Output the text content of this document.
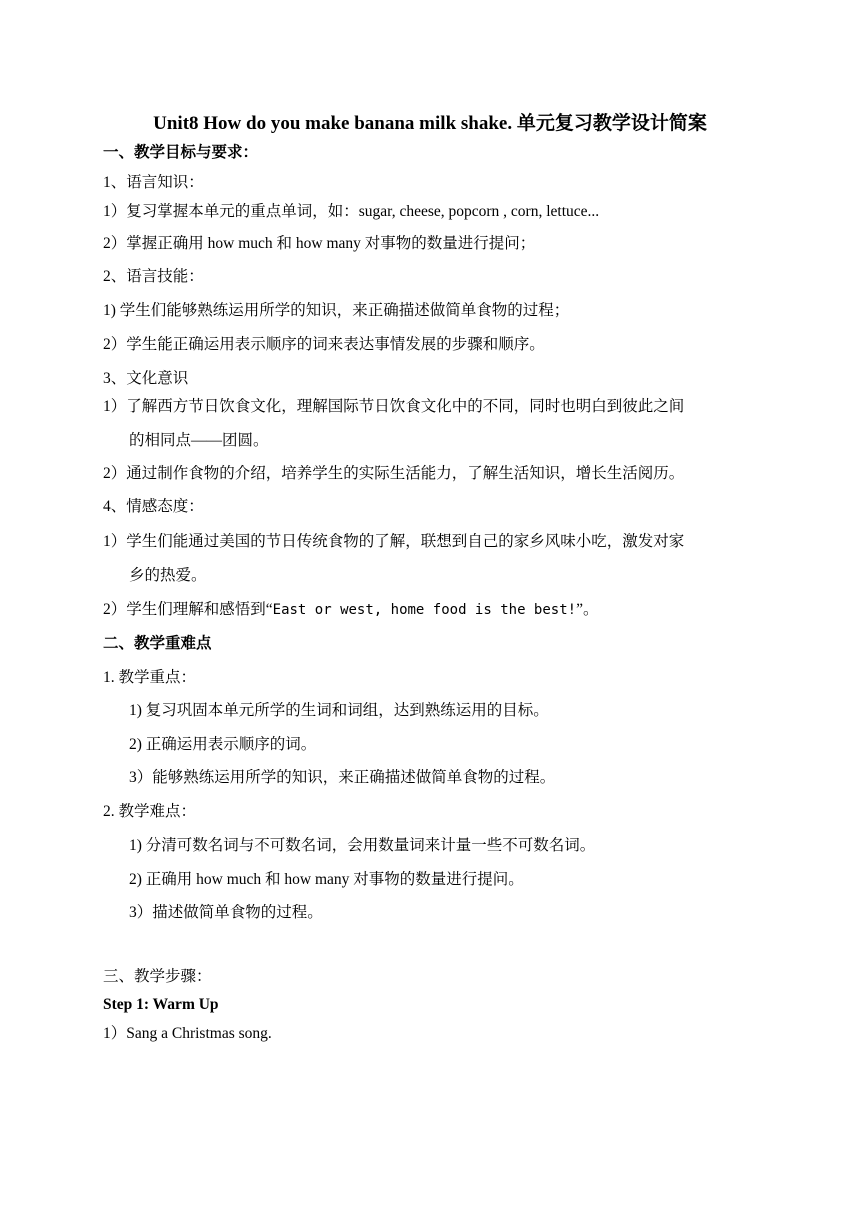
Unit8 How do you make banana milk shake. 单元复习教学设计简案
一、教学目标与要求：
1、语言知识：
1）复习掌握本单元的重点单词，如：sugar, cheese, popcorn , corn, lettuce...
2）掌握正确用 how much 和 how many 对事物的数量进行提问；
2、语言技能：
1) 学生们能够熟练运用所学的知识，来正确描述做简单食物的过程；
2）学生能正确运用表示顺序的词来表达事情发展的步骤和顺序。
3、文化意识
1）了解西方节日饮食文化，理解国际节日饮食文化中的不同，同时也明白到彼此之间
的相同点——团圆。
2）通过制作食物的介绍，培养学生的实际生活能力，了解生活知识，增长生活阅历。
4、情感态度：
1）学生们能通过美国的节日传统食物的了解，联想到自己的家乡风味小吃，激发对家
乡的热爱。
2）学生们理解和感悟到“East or west, home food is the best!”。
二、教学重难点
1. 教学重点：
1) 复习巩固本单元所学的生词和词组，达到熟练运用的目标。
2) 正确运用表示顺序的词。
3）能够熟练运用所学的知识，来正确描述做简单食物的过程。
2. 教学难点：
1) 分清可数名词与不可数名词，会用数量词来计量一些不可数名词。
2) 正确用 how much 和 how many 对事物的数量进行提问。
3）描述做简单食物的过程。
三、教学步骤：
Step 1: Warm Up
1）Sang a Christmas song.
